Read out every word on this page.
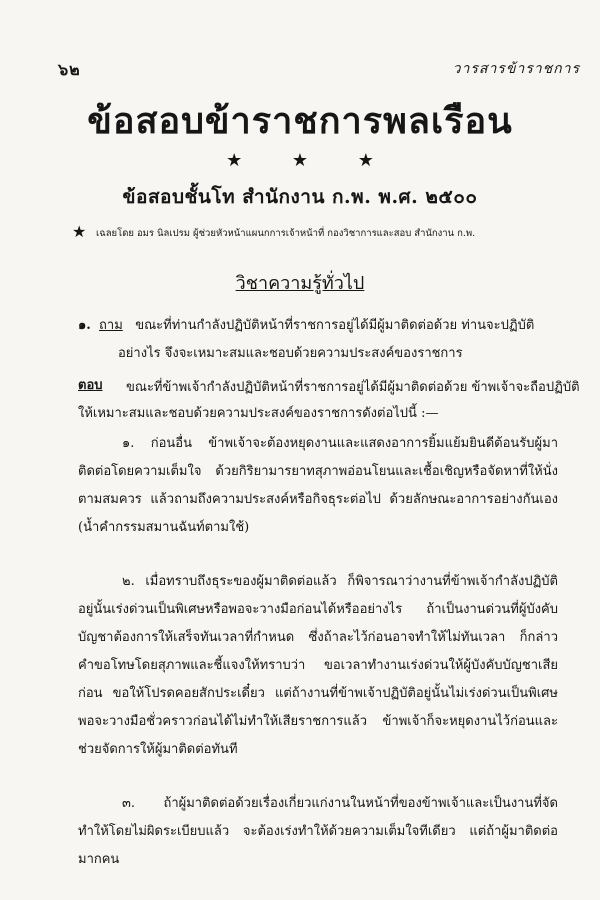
๖๒	วารสารข้าราชการ
ข้อสอบข้าราชการพลเรือน
★ ★ ★
ข้อสอบชั้นโท สำนักงาน ก.พ. พ.ศ. ๒๕๐๐
★ เฉลยโดย อมร นิลเปรม ผู้ช่วยหัวหน้าแผนกการเจ้าหน้าที่ กองวิชาการและสอบ สำนักงาน ก.พ.
วิชาความรู้ทั่วไป
๑. ถาม ขณะที่ท่านกำลังปฏิบัติหน้าที่ราชการอยู่ได้มีผู้มาติดต่อด้วย ท่านจะปฏิบัติ
อย่างไร จึงจะเหมาะสมและชอบด้วยความประสงค์ของราชการ
ตอบ ขณะที่ข้าพเจ้ากำลังปฏิบัติหน้าที่ราชการอยู่ได้มีผู้มาติดต่อด้วย ข้าพเจ้าจะถือปฏิบัติ
ให้เหมาะสมและชอบด้วยความประสงค์ของราชการดังต่อไปนี้ :—

๑. ก่อนอื่น ข้าพเจ้าจะต้องหยุดงานและแสดงอาการยิ้มแย้มยินดีต้อนรับผู้มาติดต่อโดยความเต็มใจ ด้วยกิริยามารยาทสุภาพอ่อนโยนและเชื้อเชิญหรือจัดหาที่ให้นั่งตามสมควร แล้วถามถึงความประสงค์หรือกิจธุระต่อไป ด้วยลักษณะอาการอย่างกันเอง (น้ำคำกรรมสมานฉันท์ตามใช้)

๒. เมื่อทราบถึงธุระของผู้มาติดต่อแล้ว ก็พิจารณาว่างานที่ข้าพเจ้ากำลังปฏิบัติอยู่นั้นเร่งด่วนเป็นพิเศษหรือพอจะวางมือก่อนได้หรืออย่างไร ถ้าเป็นงานด่วนที่ผู้บังคับบัญชาต้องการให้เสร็จทันเวลาที่กำหนด ซึ่งถ้าละไว้ก่อนอาจทำให้ไม่ทันเวลา ก็กล่าวคำขอโทษโดยสุภาพและชี้แจงให้ทราบว่า ขอเวลาทำงานเร่งด่วนให้ผู้บังคับบัญชาเสียก่อน ขอให้โปรดคอยสักประเดี๋ยว แต่ถ้างานที่ข้าพเจ้าปฏิบัติอยู่นั้นไม่เร่งด่วนเป็นพิเศษ พอจะวางมือชั่วคราวก่อนได้ไม่ทำให้เสียราชการแล้ว ข้าพเจ้าก็จะหยุดงานไว้ก่อนและช่วยจัดการให้ผู้มาติดต่อทันที

๓. ถ้าผู้มาติดต่อด้วยเรื่องเกี่ยวแก่งานในหน้าที่ของข้าพเจ้าและเป็นงานที่จัดทำให้โดยไม่ผิดระเบียบแล้ว จะต้องเร่งทำให้ด้วยความเต็มใจทีเดียว แต่ถ้าผู้มาติดต่อมากคน
